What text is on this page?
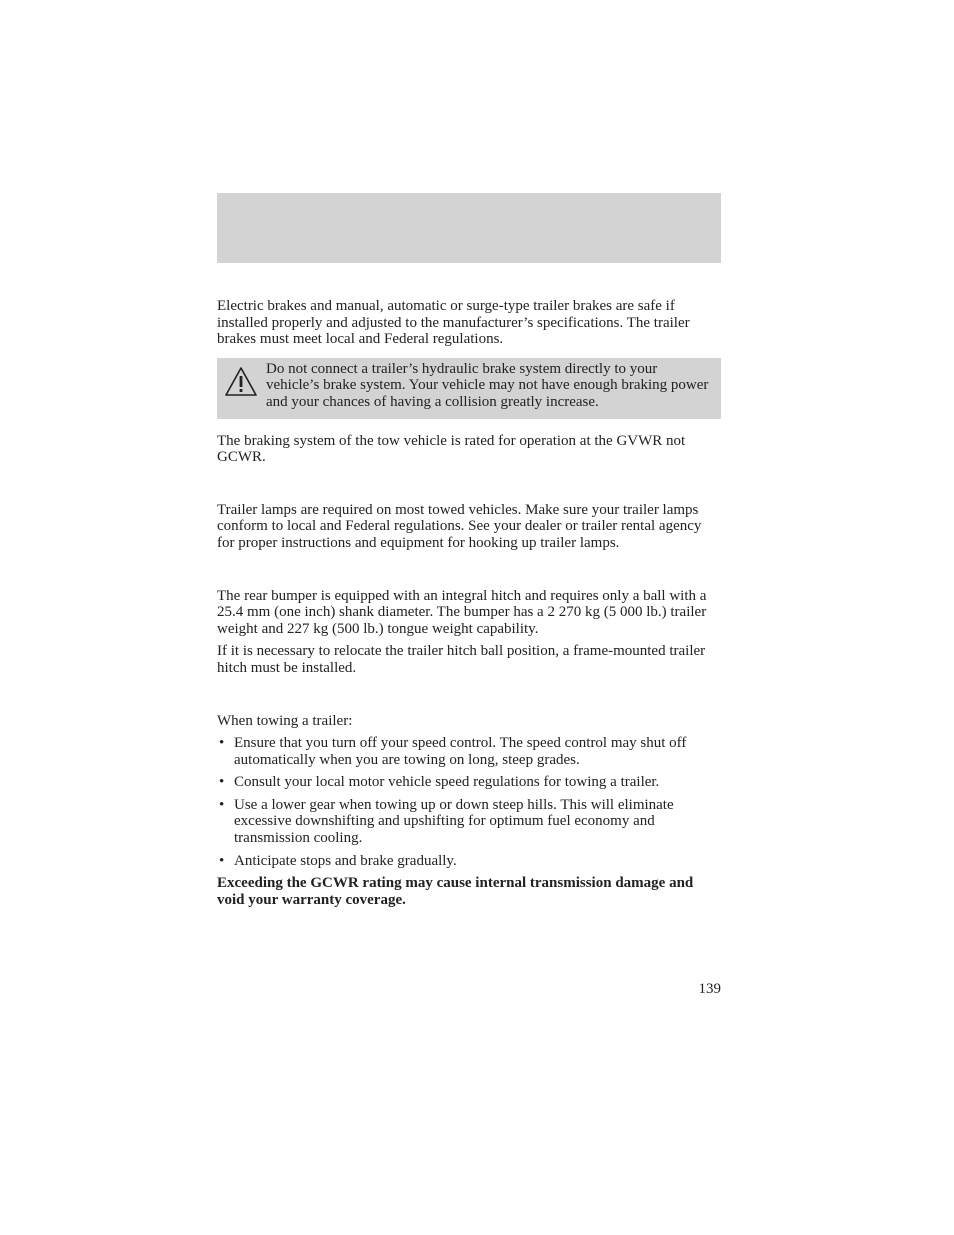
Electric brakes and manual, automatic or surge-type trailer brakes are safe if installed properly and adjusted to the manufacturer’s specifications. The trailer brakes must meet local and Federal regulations.

Do not connect a trailer’s hydraulic brake system directly to your vehicle’s brake system. Your vehicle may not have enough braking power and your chances of having a collision greatly increase.

The braking system of the tow vehicle is rated for operation at the GVWR not GCWR.

Trailer lamps are required on most towed vehicles. Make sure your trailer lamps conform to local and Federal regulations. See your dealer or trailer rental agency for proper instructions and equipment for hooking up trailer lamps.

The rear bumper is equipped with an integral hitch and requires only a ball with a 25.4 mm (one inch) shank diameter. The bumper has a 2 270 kg (5 000 lb.) trailer weight and 227 kg (500 lb.) tongue weight capability.

If it is necessary to relocate the trailer hitch ball position, a frame-mounted trailer hitch must be installed.

When towing a trailer:

• Ensure that you turn off your speed control. The speed control may shut off automatically when you are towing on long, steep grades.
• Consult your local motor vehicle speed regulations for towing a trailer.
• Use a lower gear when towing up or down steep hills. This will eliminate excessive downshifting and upshifting for optimum fuel economy and transmission cooling.
• Anticipate stops and brake gradually.

Exceeding the GCWR rating may cause internal transmission damage and void your warranty coverage.

139
